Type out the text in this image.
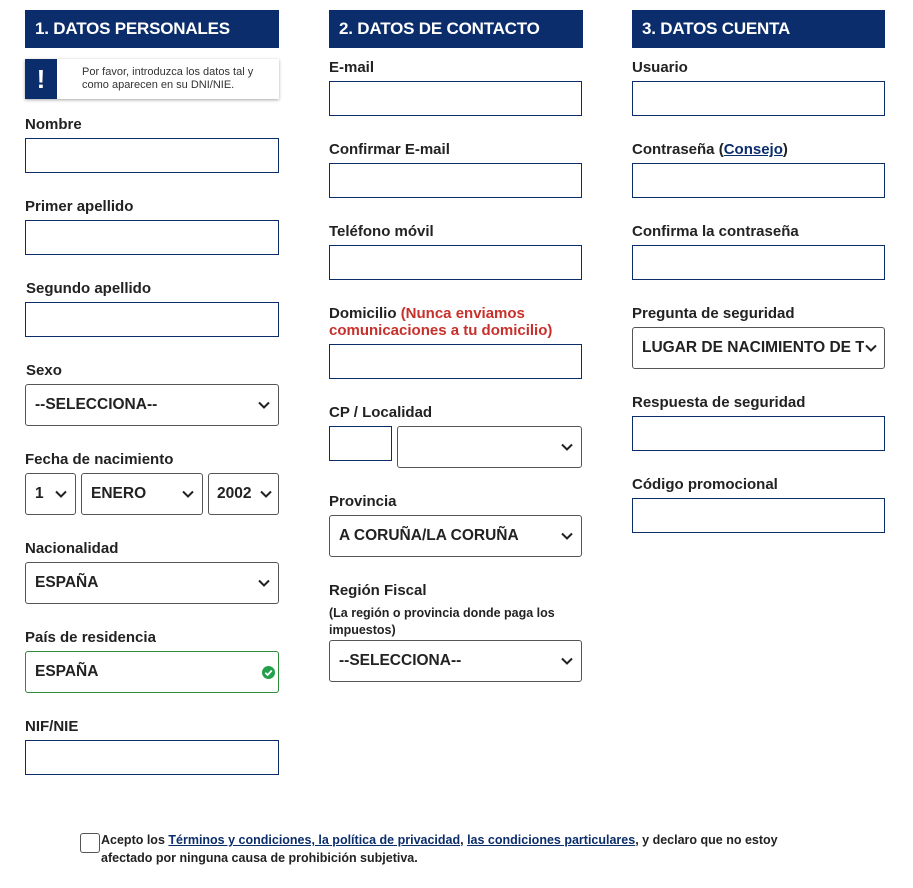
1. DATOS PERSONALES
!	Por favor, introduzca los datos tal y como aparecen en su DNI/NIE.
Nombre
Primer apellido
Segundo apellido
Sexo
--SELECCIONA--
Fecha de nacimiento
1	ENERO	2002
Nacionalidad
ESPAÑA
País de residencia
ESPAÑA
NIF/NIE
2. DATOS DE CONTACTO
E-mail
Confirmar E-mail
Teléfono móvil
Domicilio (Nunca enviamos comunicaciones a tu domicilio)
CP / Localidad
Provincia
A CORUÑA/LA CORUÑA
Región Fiscal
(La región o provincia donde paga los impuestos)
--SELECCIONA--
3. DATOS CUENTA
Usuario
Contraseña (Consejo)
Confirma la contraseña
Pregunta de seguridad
LUGAR DE NACIMIENTO DE TU
Respuesta de seguridad
Código promocional
Acepto los Términos y condiciones, la política de privacidad, las condiciones particulares, y declaro que no estoy afectado por ninguna causa de prohibición subjetiva.
